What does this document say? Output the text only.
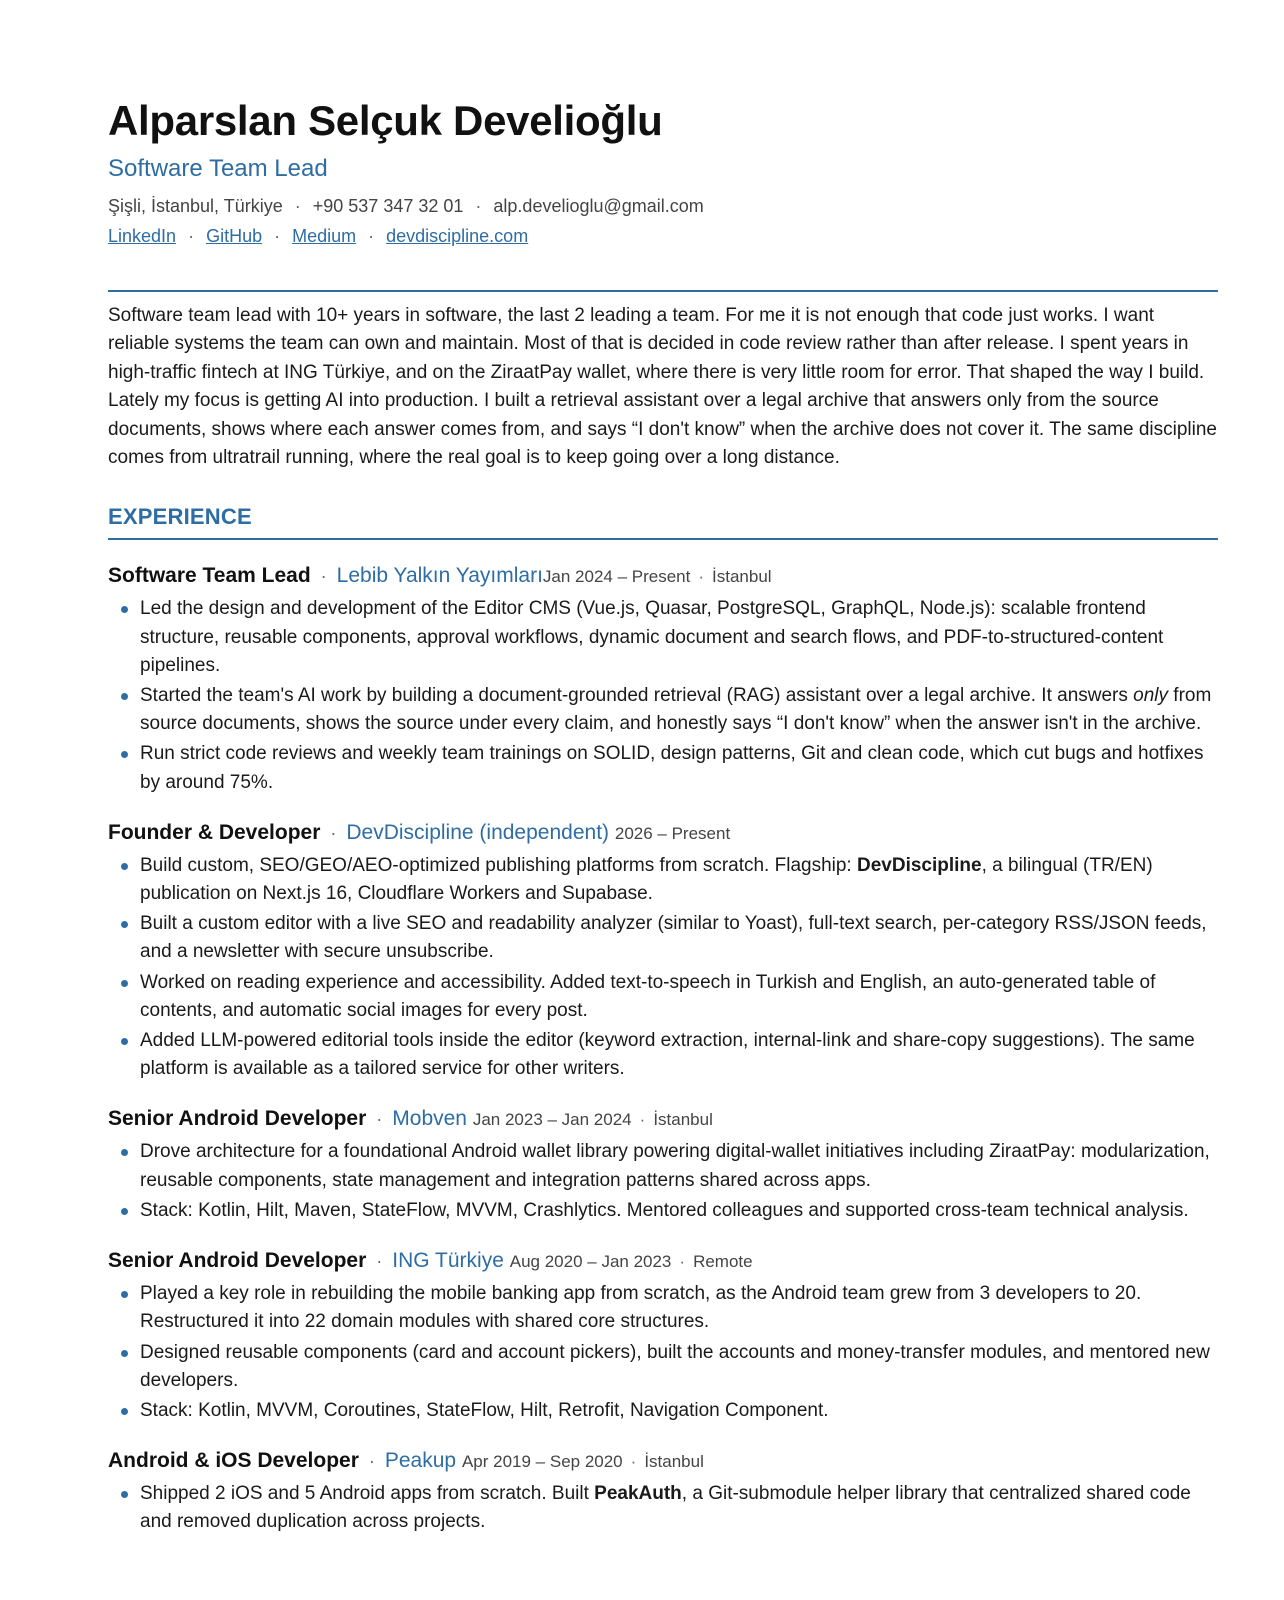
Alparslan Selçuk Develioğlu
Software Team Lead
Şişli, İstanbul, Türkiye · +90 537 347 32 01 · alp.develioglu@gmail.com
LinkedIn · GitHub · Medium · devdiscipline.com

Software team lead with 10+ years in software, the last 2 leading a team. For me it is not enough that code just works. I want reliable systems the team can own and maintain. Most of that is decided in code review rather than after release. I spent years in high-traffic fintech at ING Türkiye, and on the ZiraatPay wallet, where there is very little room for error. That shaped the way I build. Lately my focus is getting AI into production. I built a retrieval assistant over a legal archive that answers only from the source documents, shows where each answer comes from, and says “I don't know” when the archive does not cover it. The same discipline comes from ultratrail running, where the real goal is to keep going over a long distance.

EXPERIENCE
Software Team Lead · Lebib Yalkın YayımlarıJan 2024 – Present · İstanbul
Led the design and development of the Editor CMS (Vue.js, Quasar, PostgreSQL, GraphQL, Node.js): scalable frontend structure, reusable components, approval workflows, dynamic document and search flows, and PDF-to-structured-content pipelines.
Started the team's AI work by building a document-grounded retrieval (RAG) assistant over a legal archive. It answers only from source documents, shows the source under every claim, and honestly says “I don't know” when the answer isn't in the archive.
Run strict code reviews and weekly team trainings on SOLID, design patterns, Git and clean code, which cut bugs and hotfixes by around 75%.
Founder & Developer · DevDiscipline (independent) 2026 – Present
Build custom, SEO/GEO/AEO-optimized publishing platforms from scratch. Flagship: DevDiscipline, a bilingual (TR/EN) publication on Next.js 16, Cloudflare Workers and Supabase.
Built a custom editor with a live SEO and readability analyzer (similar to Yoast), full-text search, per-category RSS/JSON feeds, and a newsletter with secure unsubscribe.
Worked on reading experience and accessibility. Added text-to-speech in Turkish and English, an auto-generated table of contents, and automatic social images for every post.
Added LLM-powered editorial tools inside the editor (keyword extraction, internal-link and share-copy suggestions). The same platform is available as a tailored service for other writers.
Senior Android Developer · Mobven Jan 2023 – Jan 2024 · İstanbul
Drove architecture for a foundational Android wallet library powering digital-wallet initiatives including ZiraatPay: modularization, reusable components, state management and integration patterns shared across apps.
Stack: Kotlin, Hilt, Maven, StateFlow, MVVM, Crashlytics. Mentored colleagues and supported cross-team technical analysis.
Senior Android Developer · ING Türkiye Aug 2020 – Jan 2023 · Remote
Played a key role in rebuilding the mobile banking app from scratch, as the Android team grew from 3 developers to 20. Restructured it into 22 domain modules with shared core structures.
Designed reusable components (card and account pickers), built the accounts and money-transfer modules, and mentored new developers.
Stack: Kotlin, MVVM, Coroutines, StateFlow, Hilt, Retrofit, Navigation Component.
Android & iOS Developer · Peakup Apr 2019 – Sep 2020 · İstanbul
Shipped 2 iOS and 5 Android apps from scratch. Built PeakAuth, a Git-submodule helper library that centralized shared code and removed duplication across projects.
